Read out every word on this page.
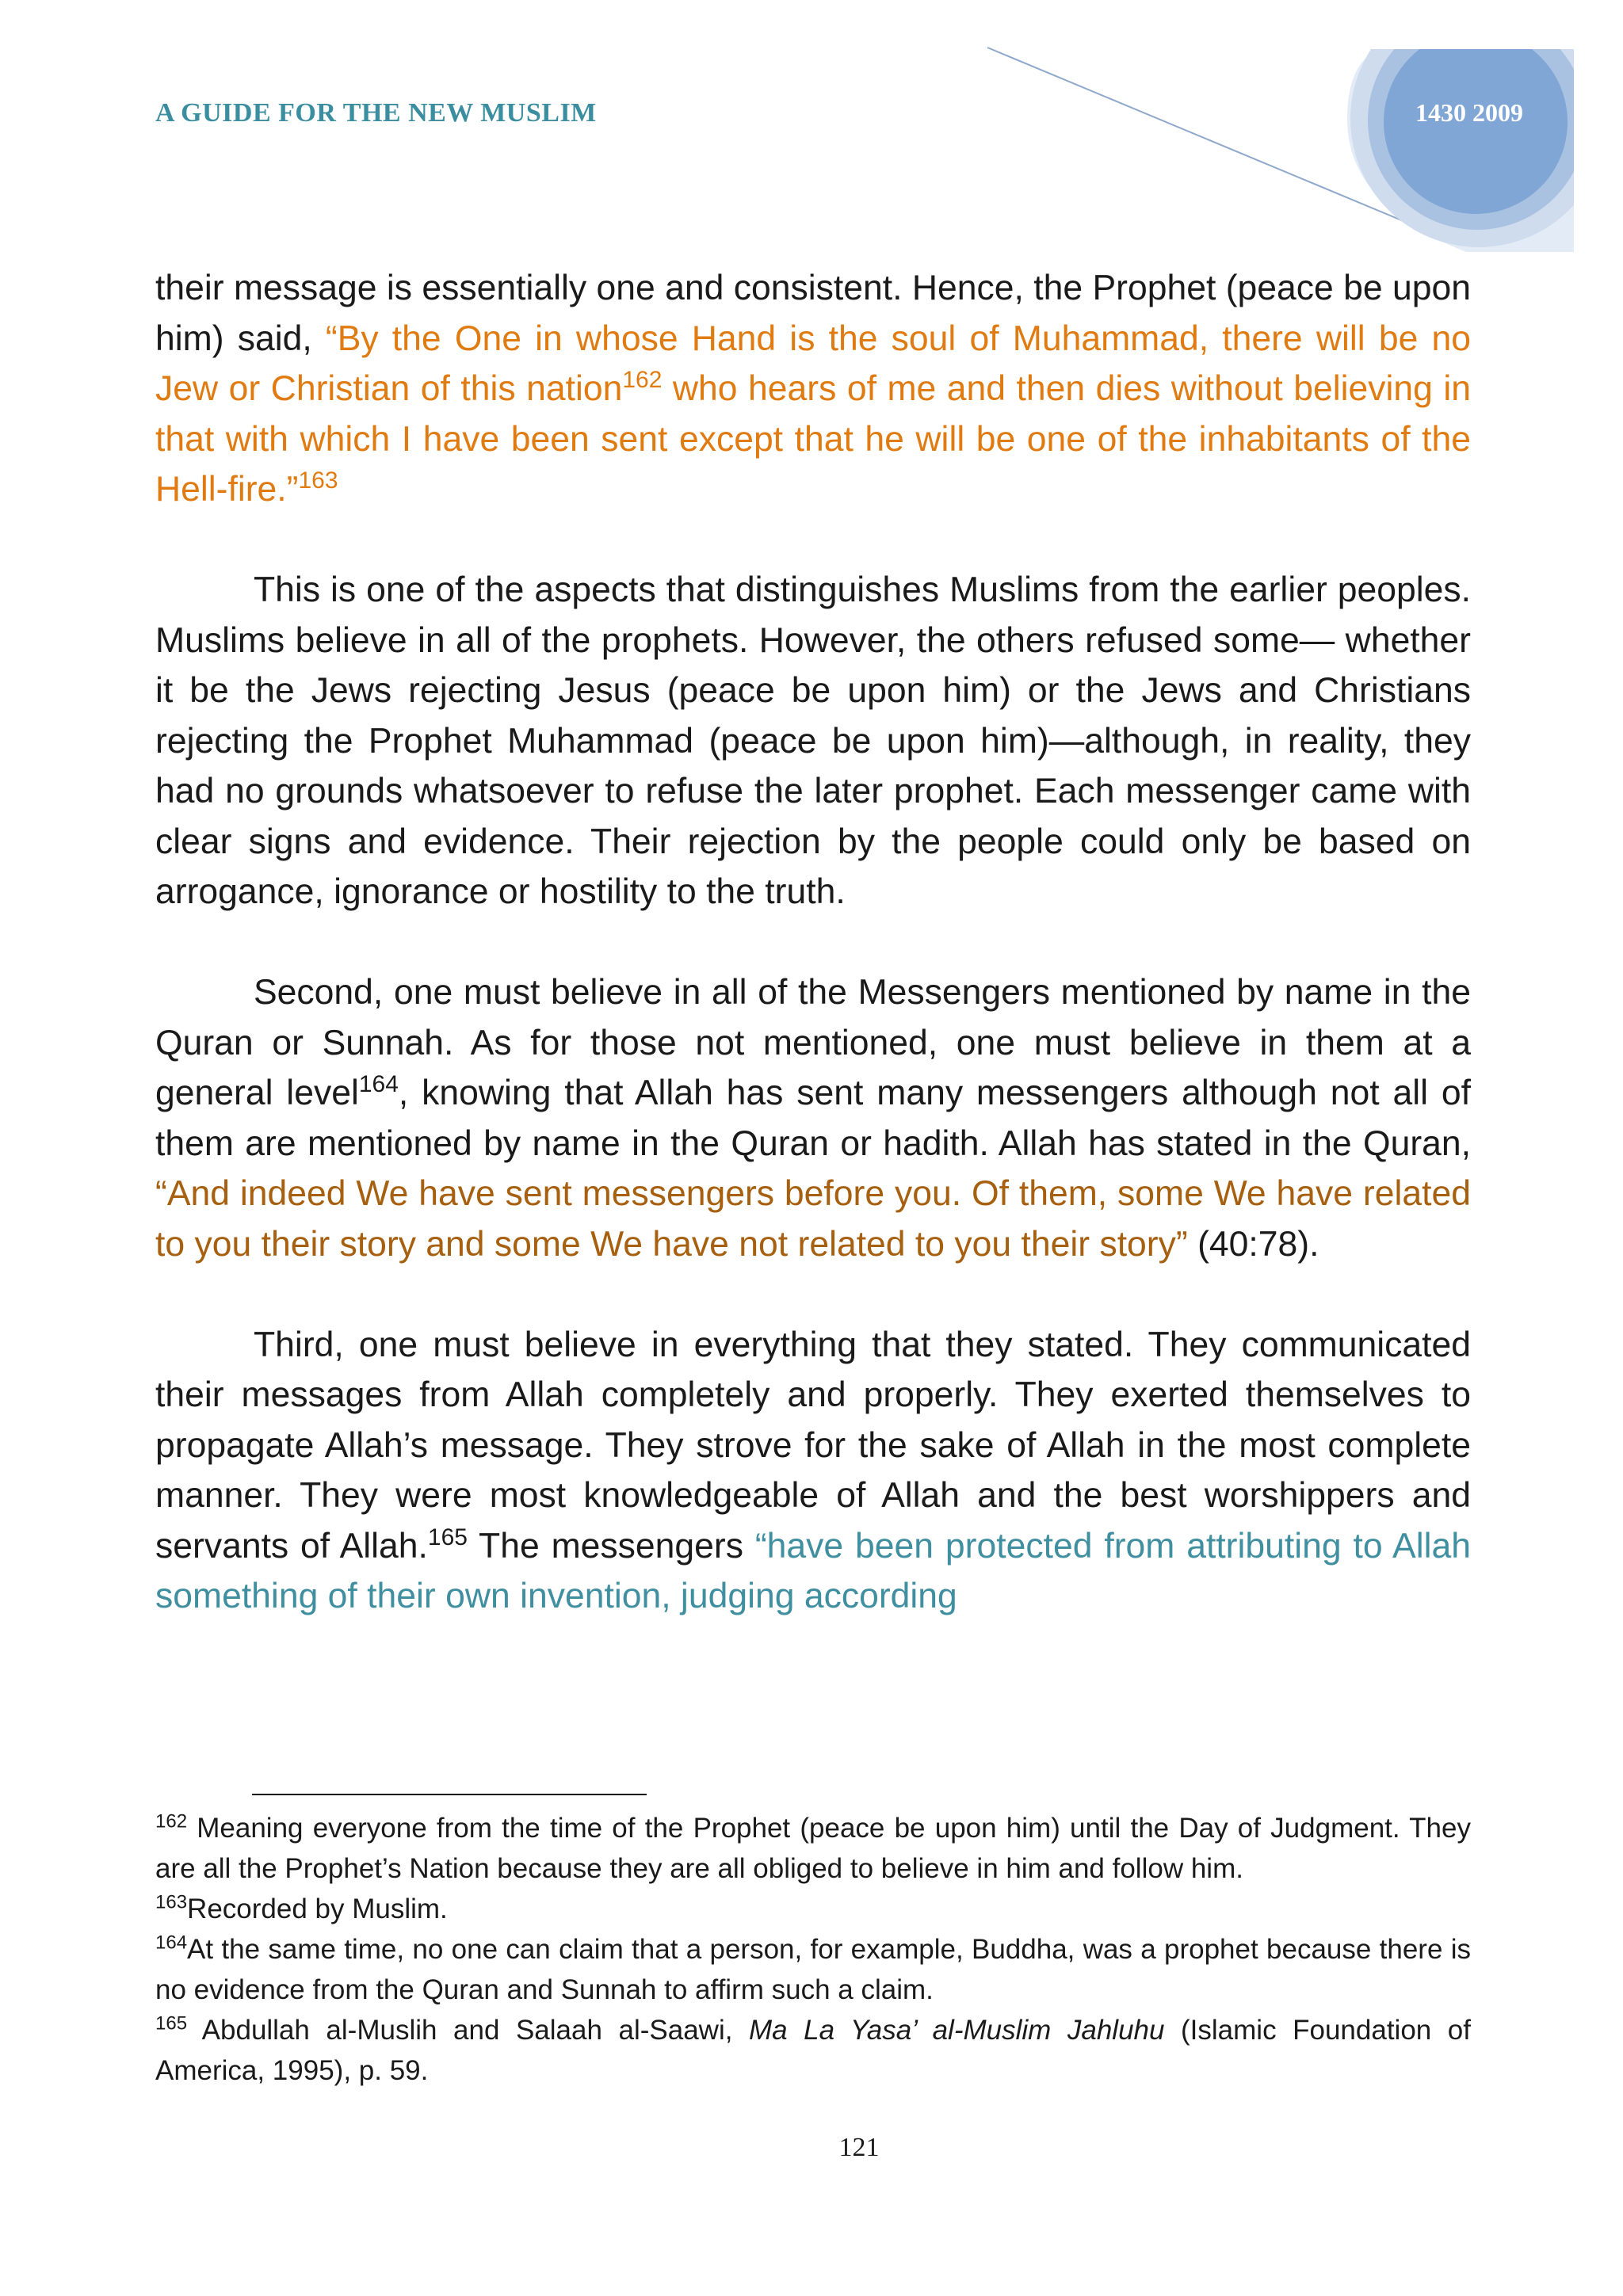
A GUIDE FOR THE NEW MUSLIM	1430 2009

their message is essentially one and consistent. Hence, the Prophet (peace be upon him) said, “By the One in whose Hand is the soul of Muhammad, there will be no Jew or Christian of this nation$^{162}$ who hears of me and then dies without believing in that with which I have been sent except that he will be one of the inhabitants of the Hell-fire.”$^{163}$

This is one of the aspects that distinguishes Muslims from the earlier peoples. Muslims believe in all of the prophets. However, the others refused some— whether it be the Jews rejecting Jesus (peace be upon him) or the Jews and Christians rejecting the Prophet Muhammad (peace be upon him)—although, in reality, they had no grounds whatsoever to refuse the later prophet. Each messenger came with clear signs and evidence. Their rejection by the people could only be based on arrogance, ignorance or hostility to the truth.

Second, one must believe in all of the Messengers mentioned by name in the Quran or Sunnah. As for those not mentioned, one must believe in them at a general level$^{164}$, knowing that Allah has sent many messengers although not all of them are mentioned by name in the Quran or hadith. Allah has stated in the Quran, “And indeed We have sent messengers before you. Of them, some We have related to you their story and some We have not related to you their story” (40:78).

Third, one must believe in everything that they stated. They communicated their messages from Allah completely and properly. They exerted themselves to propagate Allah’s message. They strove for the sake of Allah in the most complete manner. They were most knowledgeable of Allah and the best worshippers and servants of Allah.$^{165}$ The messengers “have been protected from attributing to Allah something of their own invention, judging according

$^{162}$ Meaning everyone from the time of the Prophet (peace be upon him) until the Day of Judgment. They are all the Prophet’s Nation because they are all obliged to believe in him and follow him.

$^{163}$Recorded by Muslim.

$^{164}$At the same time, no one can claim that a person, for example, Buddha, was a prophet because there is no evidence from the Quran and Sunnah to affirm such a claim.

$^{165}$ Abdullah al-Muslih and Salaah al-Saawi, Ma La Yasa’ al-Muslim Jahluhu (Islamic Foundation of America, 1995), p. 59.

121
